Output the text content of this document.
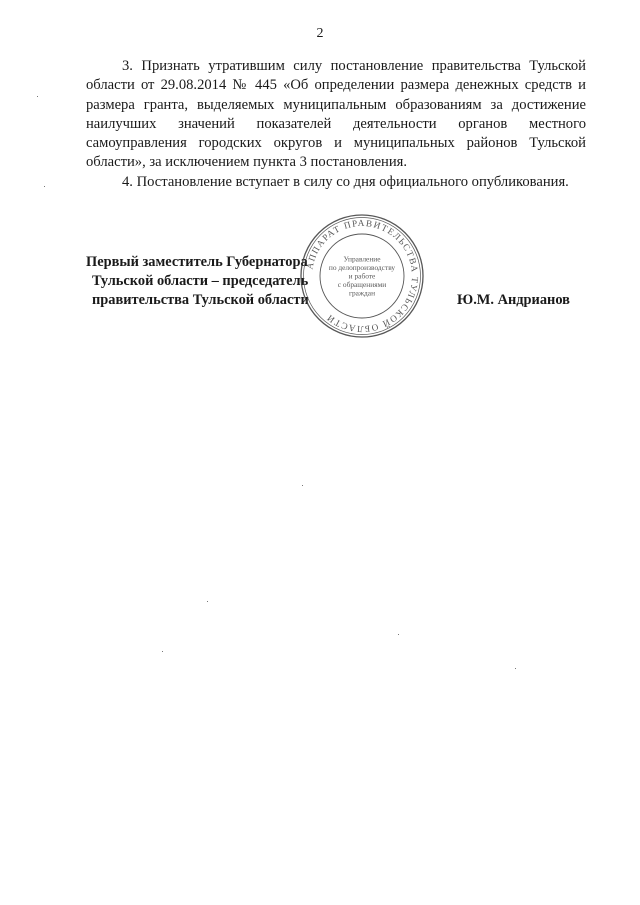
2

3. Признать утратившим силу постановление правительства Тульской области от 29.08.2014 № 445 «Об определении размера денежных средств и размера гранта, выделяемых муниципальным образованиям за достижение наилучших значений показателей деятельности органов местного самоуправления городских округов и муниципальных районов Тульской области», за исключением пункта 3 постановления.

4. Постановление вступает в силу со дня официального опубликования.

Первый заместитель Губернатора
Тульской области – председатель
правительства Тульской области	Ю.М. Андрианов
АППАРАТ ПРАВИТЕЛЬСТВА ТУЛЬСКОЙ ОБЛАСТИ
Управление
по делопроизводству
и работе
с обращениями
граждан
